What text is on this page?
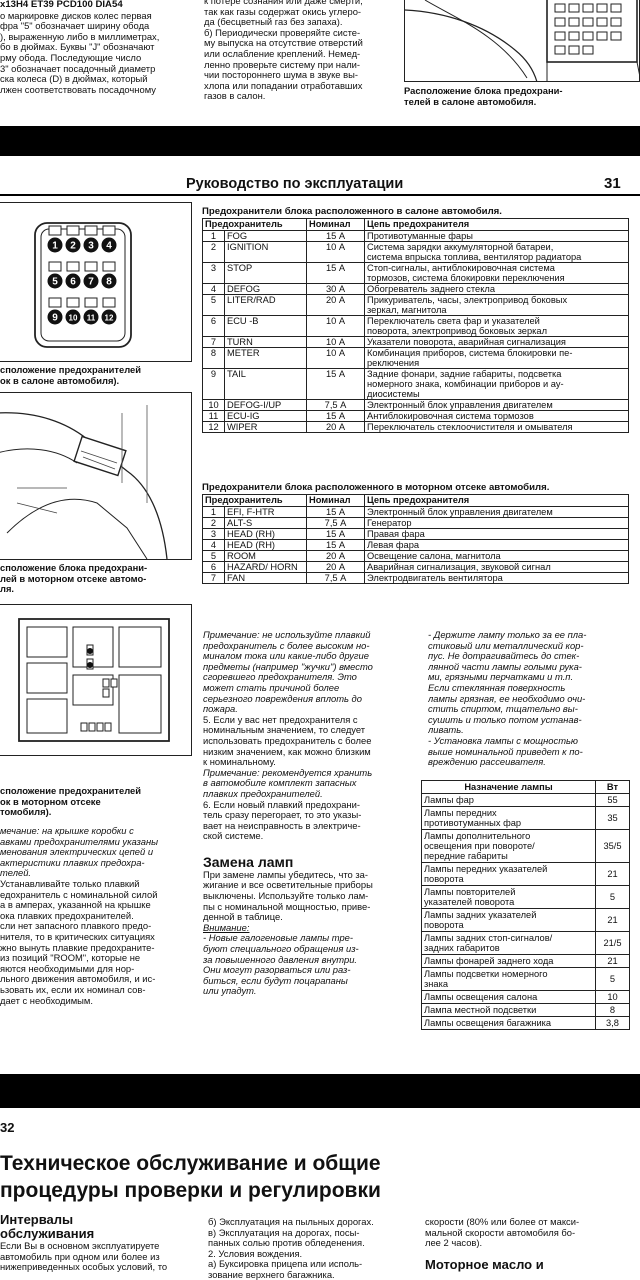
x13H4 ET39 PCD100 DIA54

о маркировке дисков колес первая

фра "5" обозначает ширину обода

), выраженную либо в миллиметрах,

бо в дюймах. Буквы "J" обозначают

рму обода. Последующие число

3" обозначает посадочный диаметр

ска колеса (D) в дюймах, который

лжен соответствовать посадочному

к потере сознания или даже смерти,

так как газы содержат окись углеро-

да (бесцветный газ без запаха).

б) Периодически проверяйте систе-

му выпуска на отсутствие отверстий

или ослабление креплений. Немед-

ленно проверьте систему при нали-

чии постороннего шума в звуке вы-

хлопа или попадании отработавших

газов в салон.	Расположение блока предохрани-

телей в салоне автомобиля.

Руководство по эксплуатации	31
1 2 3 4
5 6 7 8
9 10 11 12

сположение предохранителей

ок в салоне автомобиля).

сположение блока предохрани-

лей в моторном отсеке автомо-

ля.

сположение предохранителей

ок в моторном отсеке

томобиля).

мечание: на крышке коробки с

авками предохранителями указаны

менования электрических цепей и

актеристики плавких предохра-

телей.

Устанавливайте только плавкий

едохранитель с номинальной силой

а в амперах, указанной на крышке

ока плавких предохранителей.

сли нет запасного плавкого предо-

нителя, то в критических ситуациях

жно вынуть плавкие предохраните-

из позиций "ROOM", которые не

яются необходимыми для нор-

льного движения автомобиля, и ис-

ьзовать их, если их номинал сов-

дает с необходимым.

Предохранители блока расположенного в салоне автомобиля.

Предохранитель		Номинал	Цепь предохранителя
1	FOG	15 А	Противотуманные фары

2	IGNITION	10 А	Система зарядки аккумуляторной батареи,
система впрыска топлива, вентилятор радиатора

3	STOP	15 А	Стоп-сигналы, антиблокировочная система
тормозов, система блокировки переключения

4	DEFOG	30 А	Обогреватель заднего стекла

5	LITER/RAD	20 А	Прикуриватель, часы, электропривод боковых
зеркал, магнитола

6	ECU -B	10 А	Переключатель света фар и указателей
поворота, электропривод боковых зеркал

7	TURN	10 А	Указатели поворота, аварийная сигнализация

8	METER	10 А	Комбинация приборов, система блокировки пе-
реключения

9	TAIL	15 А	Задние фонари, задние габариты, подсветка
номерного знака, комбинации приборов и ау-
диосистемы

10	DEFOG-I/UP	7,5 А	Электронный блок управления двигателем

11	ECU-IG	15 А	Антиблокировочная система тормозов

12	WIPER	20 А	Переключатель стеклоочистителя и омывателя

Предохранители блока расположенного в моторном отсеке автомобиля.

Предохранитель		Номинал	Цепь предохранителя
1	EFI, F-HTR	15 А	Электронный блок управления двигателем

2	ALT-S	7,5 А	Генератор

3	HEAD (RH)	15 А	Правая фара

4	HEAD (RH)	15 А	Левая фара

5	ROOM	20 А	Освещение салона, магнитола

6	HAZARD/ HORN	20 А	Аварийная сигнализация, звуковой сигнал

7	FAN	7,5 А	Электродвигатель вентилятора

Примечание: не используйте плавкий

предохранитель с более высоким но-

миналом тока или какие-либо другие

предметы (например "жучки") вместо

сгоревшего предохранителя. Это

может стать причиной более

серьезного повреждения вплоть до

пожара.

5. Если у вас нет предохранителя с

номинальным значением, то следует

использовать предохранитель с более

низким значением, как можно близким

к номинальному.

Примечание: рекомендуется хранить

в автомобиле комплект запасных

плавких предохранителей.

6. Если новый плавкий предохрани-

тель сразу перегорает, то это указы-

вает на неисправность в электриче-

ской системе.

Замена ламп

При замене лампы убедитесь, что за-

жигание и все осветительные приборы

выключены. Используйте только лам-

пы с номинальной мощностью, приве-

денной в таблице.

Внимание:

- Новые галогеновые лампы тре-

буют специального обращения из-

за повышенного давления внутри.

Они могут разорваться или раз-

биться, если будут поцарапаны

или упадут.

- Держите лампу только за ее пла-

стиковый или металлический кор-

пус. Не дотрагивайтесь до стек-

лянной части лампы голыми рука-

ми, грязными перчатками и т.п.

Если стеклянная поверхность

лампы грязная, ее необходимо очи-

стить спиртом, тщательно вы-

сушить и только потом устанав-

ливать.

- Установка лампы с мощностью

выше номинальной приведет к по-

вреждению рассеивателя.

Назначение лампы	Вт

Лампы фар	55

Лампы передних
противотуманных фар	35

Лампы дополнительного
освещения при повороте/
передние габариты	35/5

Лампы передних указателей
поворота	21

Лампы повторителей
указателей поворота	5

Лампы задних указателей
поворота	21

Лампы задних стоп-сигналов/
задних габаритов	21/5

Лампы фонарей заднего хода	21

Лампы подсветки номерного
знака	5

Лампы освещения салона	10

Лампа местной подсветки	8

Лампы освещения багажника	3,8

32

Техническое обслуживание и общие

процедуры проверки и регулировки

Интервалы

обслуживания

Если Вы в основном эксплуатируете

автомобиль при одном или более из

нижеприведенных особых условий, то

б) Эксплуатация на пыльных дорогах.

в) Эксплуатация на дорогах, посы-

панных солью против обледенения.

2. Условия вождения.

а) Буксировка прицепа или исполь-

зование верхнего багажника.

скорости (80% или более от макси-

мальной скорости автомобиля бо-

лее 2 часов).

Моторное масло и
